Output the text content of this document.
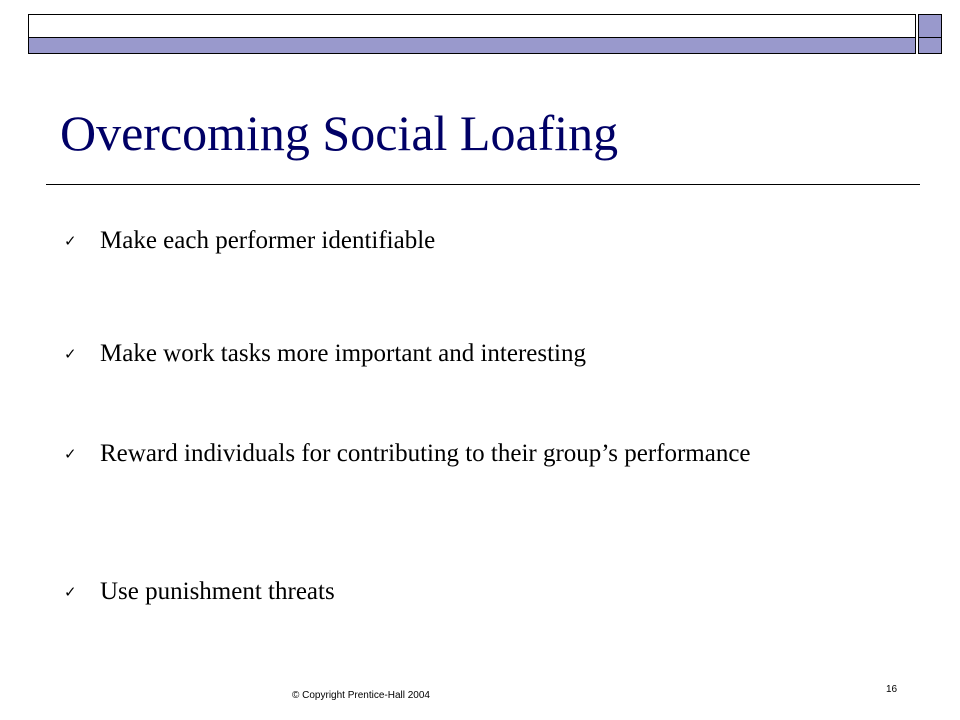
Overcoming Social Loafing
✓ Make each performer identifiable
✓ Make work tasks more important and interesting
✓ Reward individuals for contributing to their group’s performance
✓ Use punishment threats
© Copyright Prentice-Hall 2004
16
